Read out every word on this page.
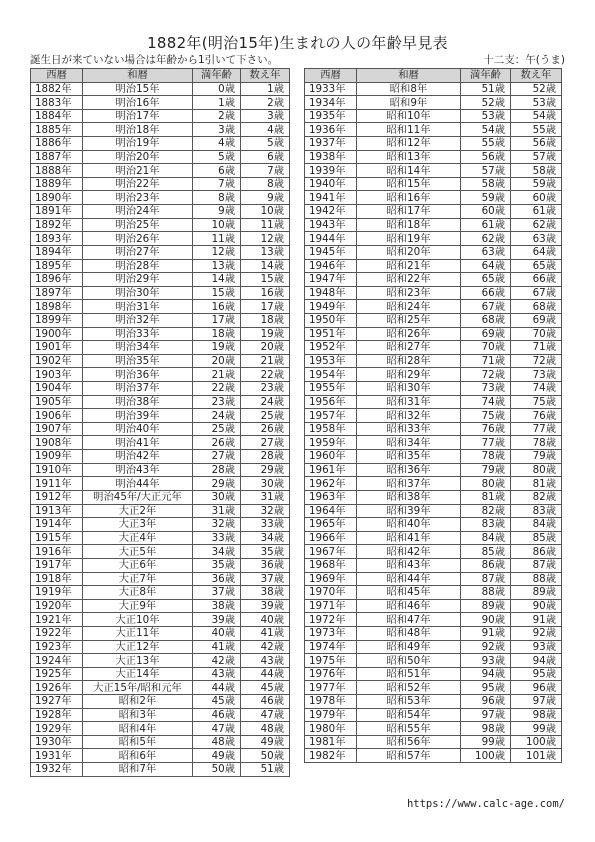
1882年(明治15年)生まれの人の年齢早見表
誕生日が来ていない場合は年齢から1引いて下さい。	十二支：午(うま)
西暦	和暦	満年齢	数え年
1882年	明治15年	0歳	1歳
1883年	明治16年	1歳	2歳
1884年	明治17年	2歳	3歳
1885年	明治18年	3歳	4歳
1886年	明治19年	4歳	5歳
1887年	明治20年	5歳	6歳
1888年	明治21年	6歳	7歳
1889年	明治22年	7歳	8歳
1890年	明治23年	8歳	9歳
1891年	明治24年	9歳	10歳
1892年	明治25年	10歳	11歳
1893年	明治26年	11歳	12歳
1894年	明治27年	12歳	13歳
1895年	明治28年	13歳	14歳
1896年	明治29年	14歳	15歳
1897年	明治30年	15歳	16歳
1898年	明治31年	16歳	17歳
1899年	明治32年	17歳	18歳
1900年	明治33年	18歳	19歳
1901年	明治34年	19歳	20歳
1902年	明治35年	20歳	21歳
1903年	明治36年	21歳	22歳
1904年	明治37年	22歳	23歳
1905年	明治38年	23歳	24歳
1906年	明治39年	24歳	25歳
1907年	明治40年	25歳	26歳
1908年	明治41年	26歳	27歳
1909年	明治42年	27歳	28歳
1910年	明治43年	28歳	29歳
1911年	明治44年	29歳	30歳
1912年	明治45年/大正元年	30歳	31歳
1913年	大正2年	31歳	32歳
1914年	大正3年	32歳	33歳
1915年	大正4年	33歳	34歳
1916年	大正5年	34歳	35歳
1917年	大正6年	35歳	36歳
1918年	大正7年	36歳	37歳
1919年	大正8年	37歳	38歳
1920年	大正9年	38歳	39歳
1921年	大正10年	39歳	40歳
1922年	大正11年	40歳	41歳
1923年	大正12年	41歳	42歳
1924年	大正13年	42歳	43歳
1925年	大正14年	43歳	44歳
1926年	大正15年/昭和元年	44歳	45歳
1927年	昭和2年	45歳	46歳
1928年	昭和3年	46歳	47歳
1929年	昭和4年	47歳	48歳
1930年	昭和5年	48歳	49歳
1931年	昭和6年	49歳	50歳
1932年	昭和7年	50歳	51歳
西暦	和暦	満年齢	数え年
1933年	昭和8年	51歳	52歳
1934年	昭和9年	52歳	53歳
1935年	昭和10年	53歳	54歳
1936年	昭和11年	54歳	55歳
1937年	昭和12年	55歳	56歳
1938年	昭和13年	56歳	57歳
1939年	昭和14年	57歳	58歳
1940年	昭和15年	58歳	59歳
1941年	昭和16年	59歳	60歳
1942年	昭和17年	60歳	61歳
1943年	昭和18年	61歳	62歳
1944年	昭和19年	62歳	63歳
1945年	昭和20年	63歳	64歳
1946年	昭和21年	64歳	65歳
1947年	昭和22年	65歳	66歳
1948年	昭和23年	66歳	67歳
1949年	昭和24年	67歳	68歳
1950年	昭和25年	68歳	69歳
1951年	昭和26年	69歳	70歳
1952年	昭和27年	70歳	71歳
1953年	昭和28年	71歳	72歳
1954年	昭和29年	72歳	73歳
1955年	昭和30年	73歳	74歳
1956年	昭和31年	74歳	75歳
1957年	昭和32年	75歳	76歳
1958年	昭和33年	76歳	77歳
1959年	昭和34年	77歳	78歳
1960年	昭和35年	78歳	79歳
1961年	昭和36年	79歳	80歳
1962年	昭和37年	80歳	81歳
1963年	昭和38年	81歳	82歳
1964年	昭和39年	82歳	83歳
1965年	昭和40年	83歳	84歳
1966年	昭和41年	84歳	85歳
1967年	昭和42年	85歳	86歳
1968年	昭和43年	86歳	87歳
1969年	昭和44年	87歳	88歳
1970年	昭和45年	88歳	89歳
1971年	昭和46年	89歳	90歳
1972年	昭和47年	90歳	91歳
1973年	昭和48年	91歳	92歳
1974年	昭和49年	92歳	93歳
1975年	昭和50年	93歳	94歳
1976年	昭和51年	94歳	95歳
1977年	昭和52年	95歳	96歳
1978年	昭和53年	96歳	97歳
1979年	昭和54年	97歳	98歳
1980年	昭和55年	98歳	99歳
1981年	昭和56年	99歳	100歳
1982年	昭和57年	100歳	101歳
https://www.calc-age.com/
